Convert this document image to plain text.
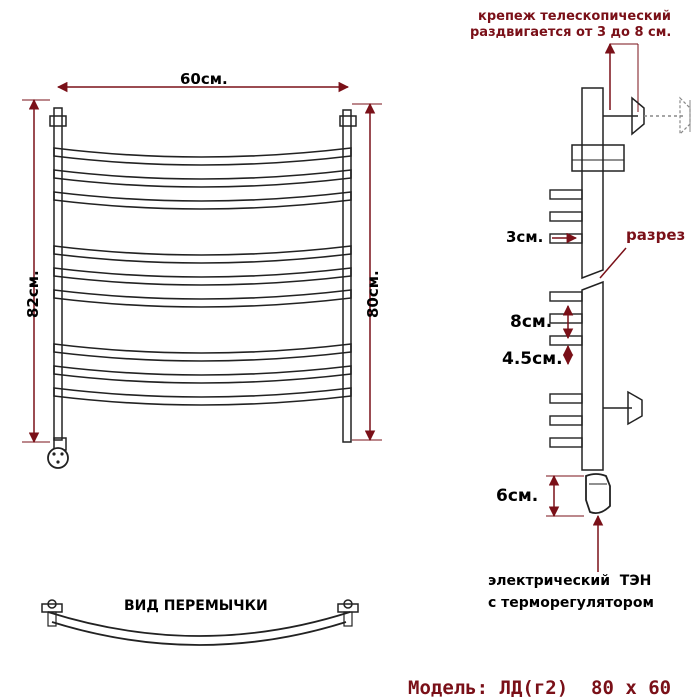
60см.
82см.	80см.
крепеж телескопический
раздвигается от 3 до 8 см.
3см.	разрез
8см.
4.5см.
6см.
электрический  ТЭН
с терморегулятором
ВИД ПЕРЕМЫЧКИ
Модель: ЛД(г2)  80 х 60
